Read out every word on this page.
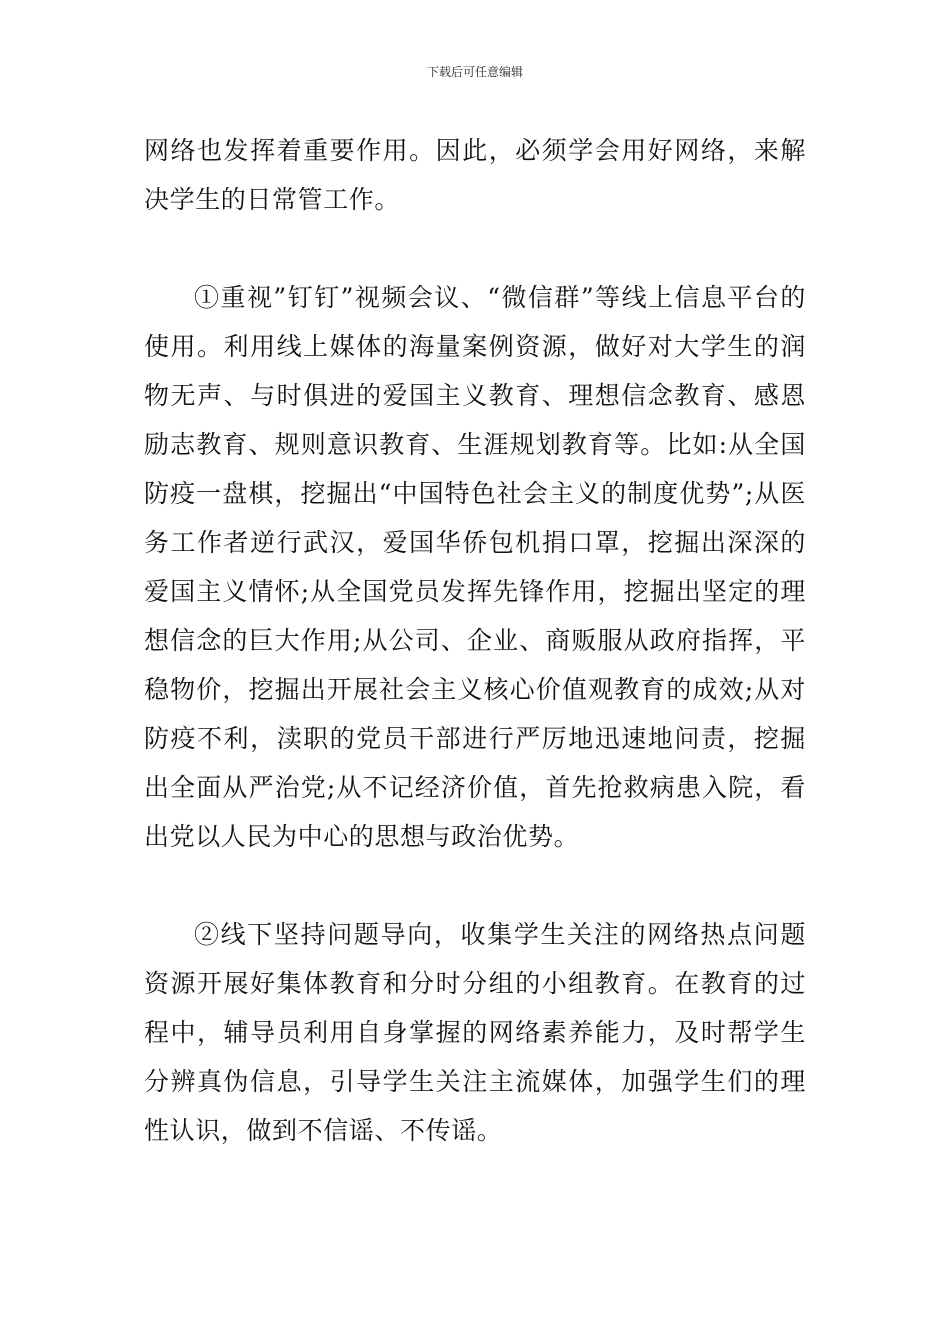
下载后可任意编辑

网络也发挥着重要作用。因此，必须学会用好网络，来解决学生的日常管工作。

①重视”钉钉”视频会议、“微信群”等线上信息平台的使用。利用线上媒体的海量案例资源，做好对大学生的润物无声、与时俱进的爱国主义教育、理想信念教育、感恩励志教育、规则意识教育、生涯规划教育等。比如:从全国防疫一盘棋，挖掘出“中国特色社会主义的制度优势”;从医务工作者逆行武汉，爱国华侨包机捐口罩，挖掘出深深的爱国主义情怀;从全国党员发挥先锋作用，挖掘出坚定的理想信念的巨大作用;从公司、企业、商贩服从政府指挥，平稳物价，挖掘出开展社会主义核心价值观教育的成效;从对防疫不利，渎职的党员干部进行严厉地迅速地问责，挖掘出全面从严治党;从不记经济价值，首先抢救病患入院，看出党以人民为中心的思想与政治优势。

②线下坚持问题导向，收集学生关注的网络热点问题资源开展好集体教育和分时分组的小组教育。在教育的过程中，辅导员利用自身掌握的网络素养能力，及时帮学生分辨真伪信息，引导学生关注主流媒体，加强学生们的理性认识，做到不信谣、不传谣。
